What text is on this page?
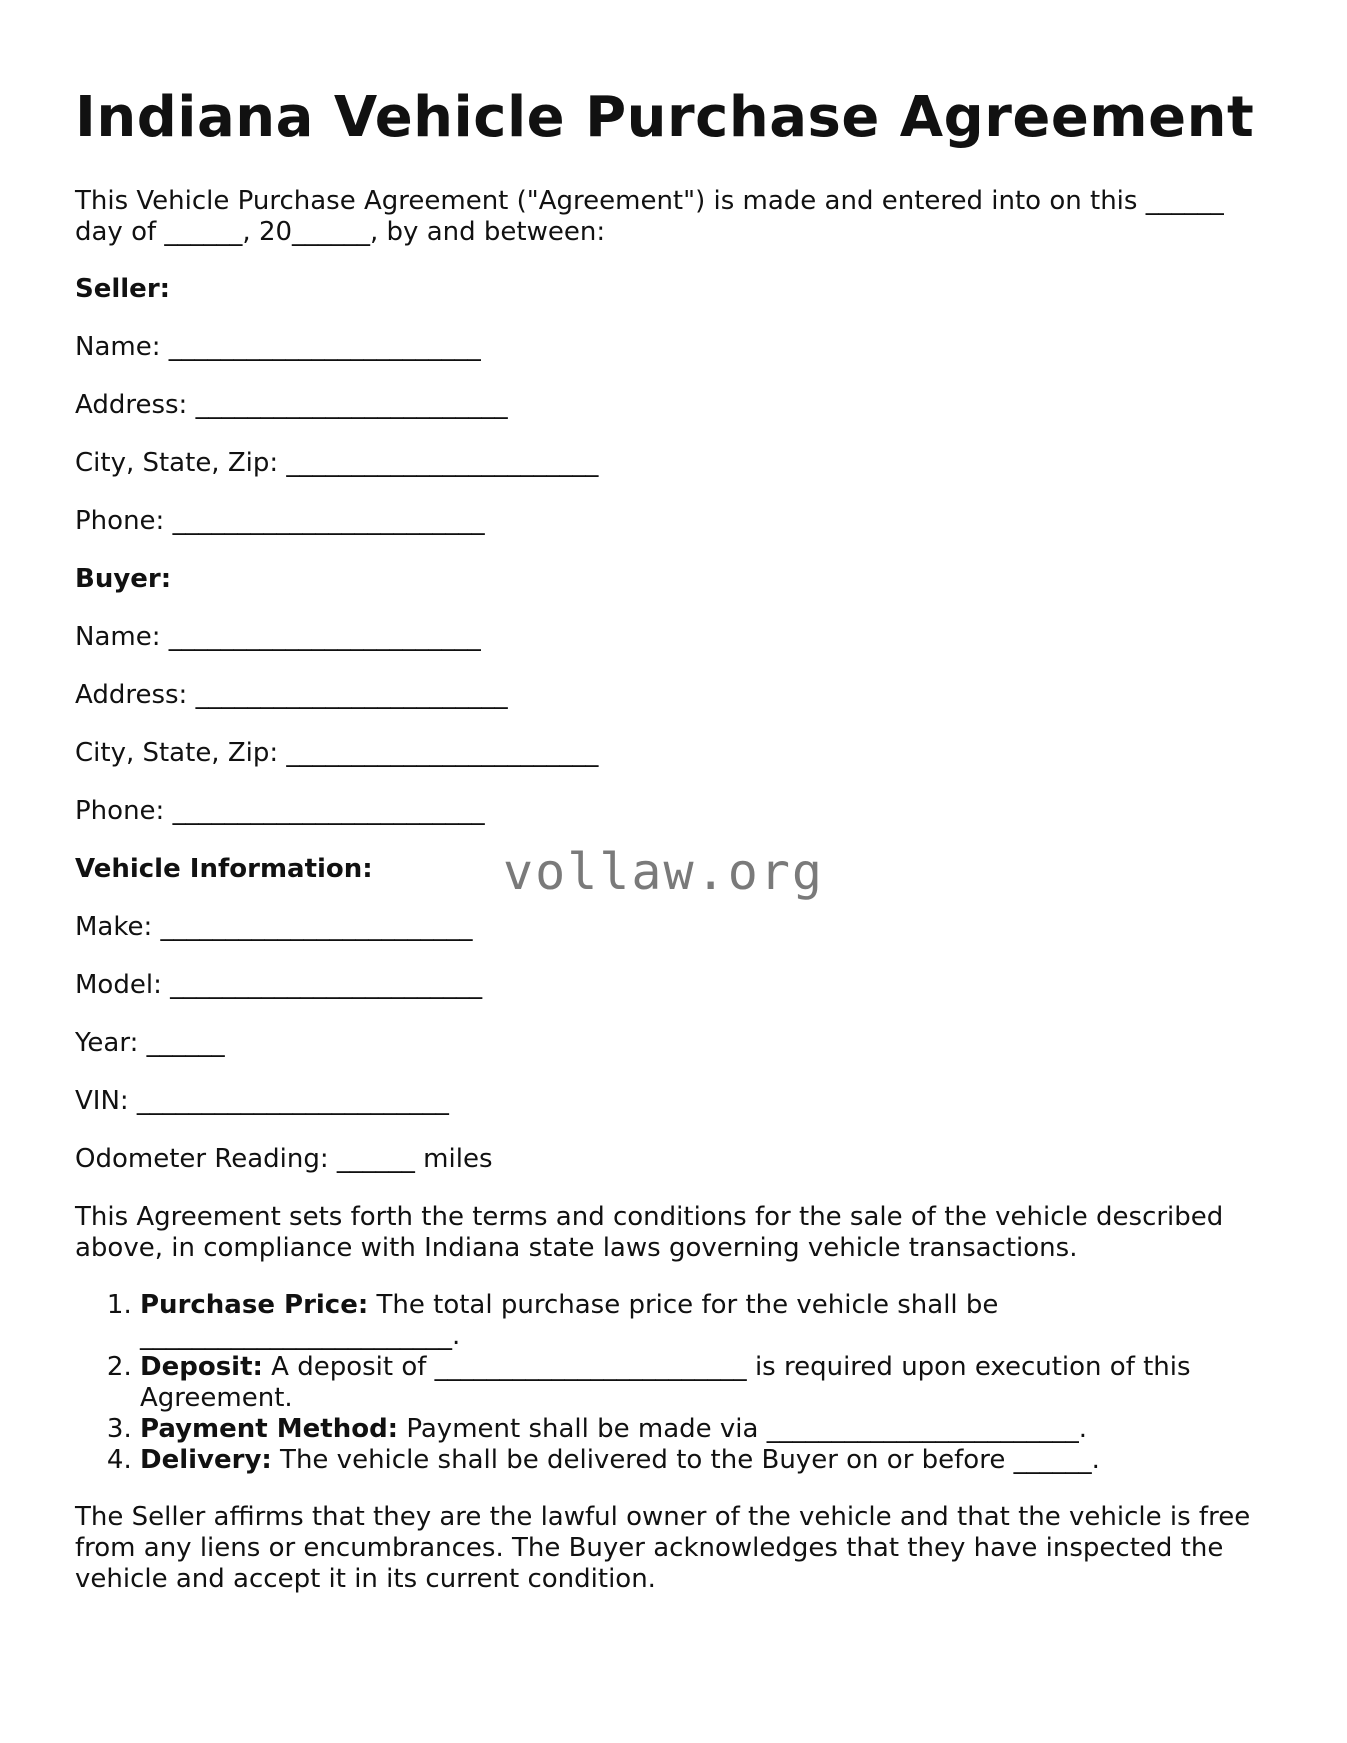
Indiana Vehicle Purchase Agreement

This Vehicle Purchase Agreement ("Agreement") is made and entered into on this ______ day of ______, 20______, by and between:

Seller:

Name: ________________________

Address: ________________________

City, State, Zip: ________________________

Phone: ________________________

Buyer:

Name: ________________________

Address: ________________________

City, State, Zip: ________________________

Phone: ________________________

Vehicle Information:

Make: ________________________

Model: ________________________

Year: ______

VIN: ________________________

Odometer Reading: ______ miles

This Agreement sets forth the terms and conditions for the sale of the vehicle described above, in compliance with Indiana state laws governing vehicle transactions.

1. Purchase Price: The total purchase price for the vehicle shall be ________________________.
2. Deposit: A deposit of ________________________ is required upon execution of this Agreement.
3. Payment Method: Payment shall be made via ________________________.
4. Delivery: The vehicle shall be delivered to the Buyer on or before ______.

The Seller affirms that they are the lawful owner of the vehicle and that the vehicle is free from any liens or encumbrances. The Buyer acknowledges that they have inspected the vehicle and accept it in its current condition.

vollaw.org
